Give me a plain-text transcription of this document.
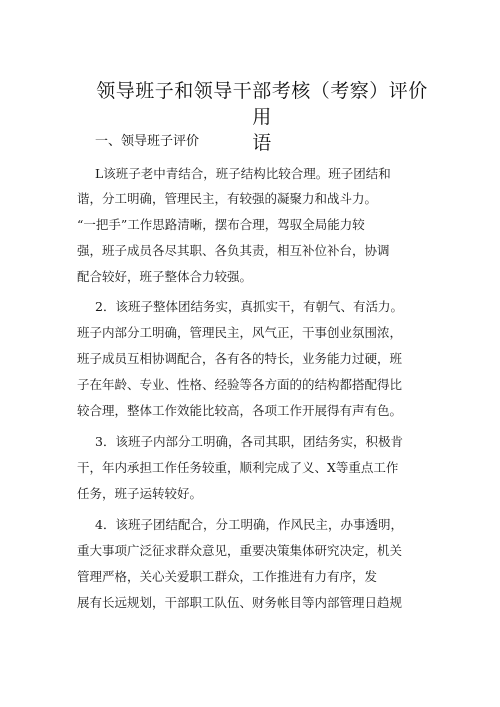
领导班子和领导干部考核（考察）评价用
语
一、领导班子评价
L该班子老中青结合，班子结构比较合理。班子团结和
谐，分工明确，管理民主，有较强的凝聚力和战斗力。
“一把手”工作思路清晰，摆布合理，驾驭全局能力较
强，班子成员各尽其职、各负其责，相互补位补台，协调
配合较好，班子整体合力较强。
2．该班子整体团结务实，真抓实干，有朝气、有活力。
班子内部分工明确，管理民主，风气正，干事创业氛围浓，
班子成员互相协调配合，各有各的特长，业务能力过硬，班
子在年龄、专业、性格、经验等各方面的的结构都搭配得比
较合理，整体工作效能比较高，各项工作开展得有声有色。
3．该班子内部分工明确，各司其职，团结务实，积极肯
干，年内承担工作任务较重，顺利完成了义、X等重点工作
任务，班子运转较好。
4．该班子团结配合，分工明确，作风民主，办事透明，
重大事项广泛征求群众意见，重要决策集体研究决定，机关
管理严格，关心关爱职工群众，工作推进有力有序，发
展有长远规划，干部职工队伍、财务帐目等内部管理日趋规
